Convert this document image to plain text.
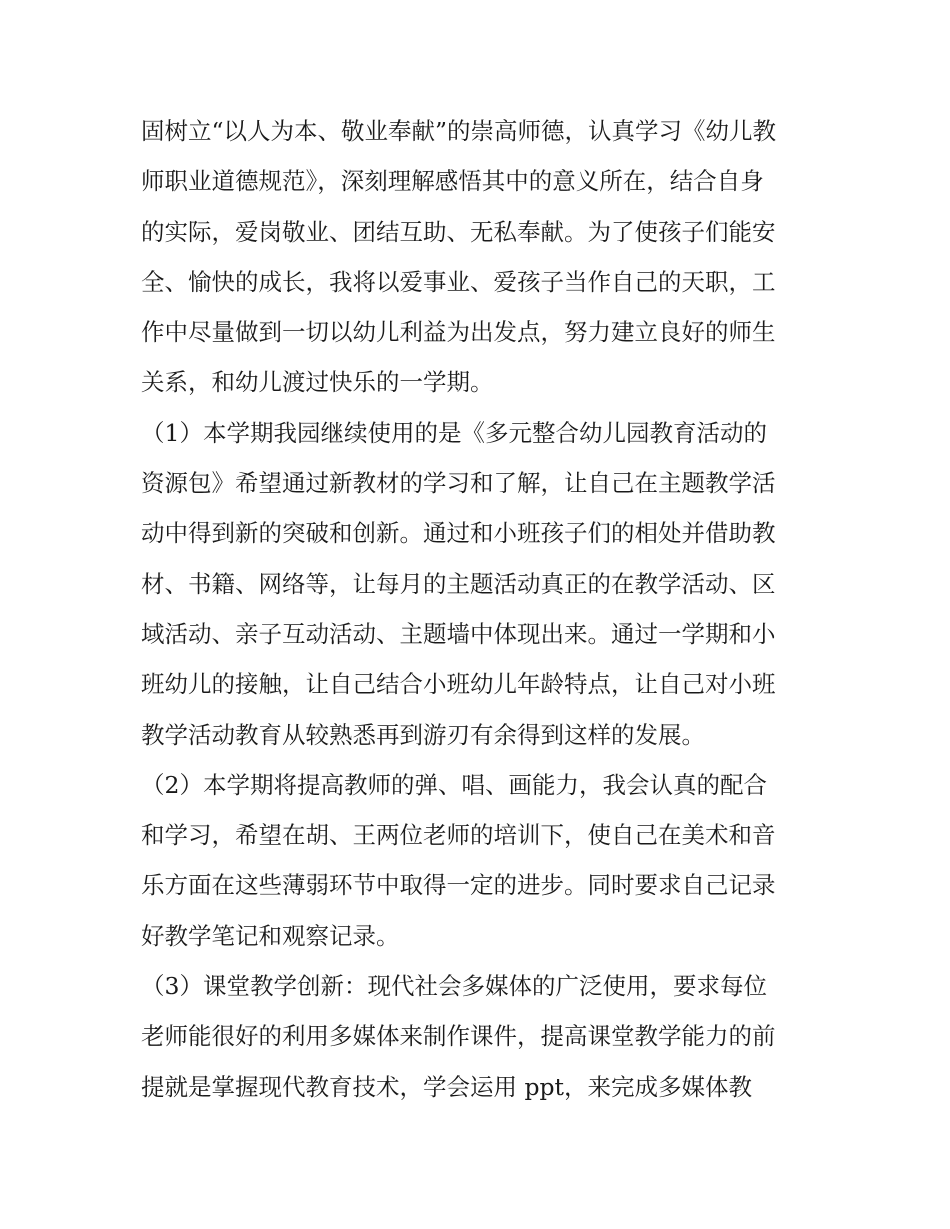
固树立“以人为本、敬业奉献”的崇高师德，认真学习《幼儿教
师职业道德规范》，深刻理解感悟其中的意义所在，结合自身
的实际，爱岗敬业、团结互助、无私奉献。为了使孩子们能安
全、愉快的成长，我将以爱事业、爱孩子当作自己的天职，工
作中尽量做到一切以幼儿利益为出发点，努力建立良好的师生
关系，和幼儿渡过快乐的一学期。
（1）本学期我园继续使用的是《多元整合幼儿园教育活动的
资源包》希望通过新教材的学习和了解，让自己在主题教学活
动中得到新的突破和创新。通过和小班孩子们的相处并借助教
材、书籍、网络等，让每月的主题活动真正的在教学活动、区
域活动、亲子互动活动、主题墙中体现出来。通过一学期和小
班幼儿的接触，让自己结合小班幼儿年龄特点，让自己对小班
教学活动教育从较熟悉再到游刃有余得到这样的发展。
（2）本学期将提高教师的弹、唱、画能力，我会认真的配合
和学习，希望在胡、王两位老师的培训下，使自己在美术和音
乐方面在这些薄弱环节中取得一定的进步。同时要求自己记录
好教学笔记和观察记录。
（3）课堂教学创新：现代社会多媒体的广泛使用，要求每位
老师能很好的利用多媒体来制作课件，提高课堂教学能力的前
提就是掌握现代教育技术，学会运用 ppt，来完成多媒体教
